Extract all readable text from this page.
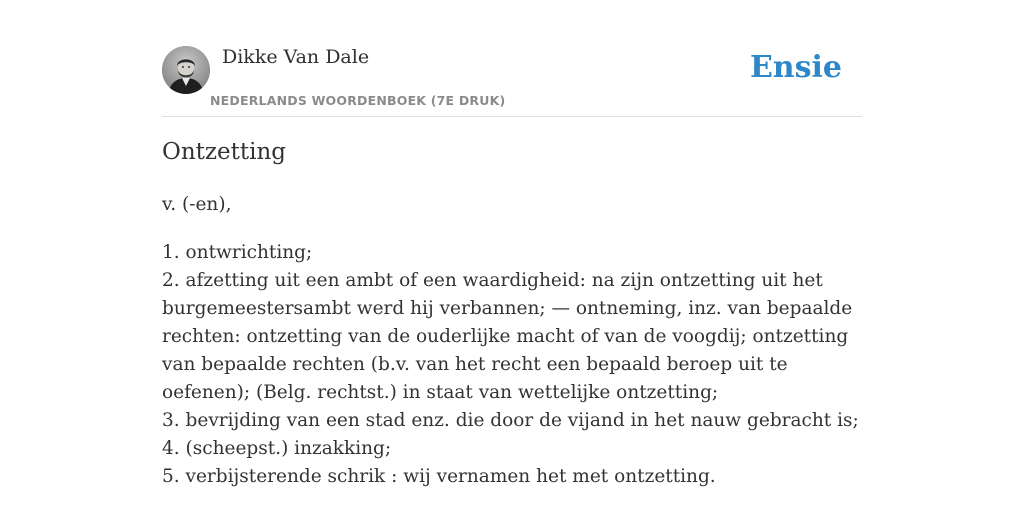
Dikke Van Dale
NEDERLANDS WOORDENBOEK (7E DRUK)
Ensie
Ontzetting
v. (-en),
1. ontwrichting;
2. afzetting uit een ambt of een waardigheid: na zijn ontzetting uit het burgemeestersambt werd hij verbannen; — ontneming, inz. van bepaalde rechten: ontzetting van de ouderlijke macht of van de voogdij; ontzetting van bepaalde rechten (b.v. van het recht een bepaald beroep uit te oefenen); (Belg. rechtst.) in staat van wettelijke ontzetting;
3. bevrijding van een stad enz. die door de vijand in het nauw gebracht is;
4. (scheepst.) inzakking;
5. verbijsterende schrik : wij vernamen het met ontzetting.
